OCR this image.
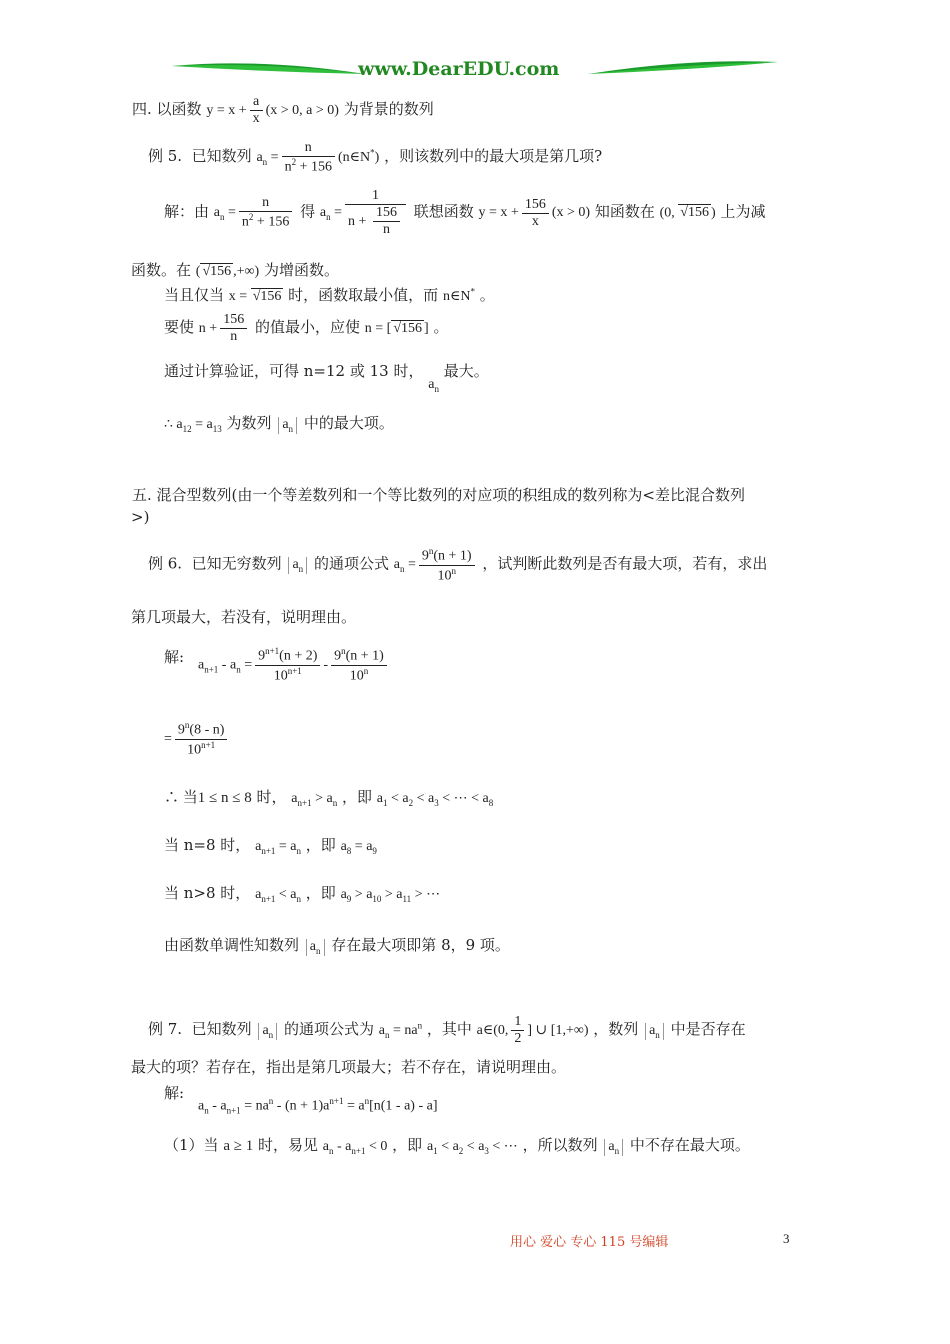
www.DearEDU.com
四. 以函数 $y = x + \frac{a}{x} (x > 0$, a > 0) 为背景的数列
例 5. 已知数列 $a_n = \frac{n}{n^2 + 156}$ (n∈N*) ，则该数列中的最大项是第几项?
解：由 $a_n = \frac{n}{n^2 + 156}$ 得 $a_n = \frac{1}{n + \frac{156}{n}}$ 联想函数 $y = x + \frac{156}{x} (x > 0)$ 知函数在 (0, √156 ) 上为减
函数。在 ( √156 ,+∞) 为增函数。
当且仅当 x = √156 时，函数取最小值，而 n∈N* 。
要使 $n + \frac{156}{n}$ 的值最小，应使 n = [ √156 ] 。
通过计算验证，可得 n=12 或 13 时， $a_n$ 最大。
∴ $a_{12} = a_{13}$ 为数列 $a_n$ 中的最大项。
五. 混合型数列(由一个等差数列和一个等比数列的对应项的积组成的数列称为<差比混合数列
>)
例 6. 已知无穷数列 $a_n$ 的通项公式 $a_n = \frac{9^n(n + 1)}{10^n}$ ，试判断此数列是否有最大项，若有，求出
第几项最大，若没有，说明理由。
解: $a_{n+1} - a_n = \frac{9^{n+1}(n + 2)}{10^{n+1}} - \frac{9^n(n + 1)}{10^n}$
= $\frac{9^n(8 - n)}{10^{n+1}}$
∴ 当1 ≤ n ≤ 8 时， $a_{n+1} > a_n$ ，即 $a_1 < a_2 < a_3$ < ⋯ < $a_8$
当 n=8 时， $a_{n+1} = a_n$ ，即 $a_8 = a_9$
当 n>8 时， $a_{n+1} < a_n$ ，即 $a_9 > a_{10} > a_{11}$ > ⋯
由函数单调性知数列 $a_n$ 存在最大项即第 8，9 项。
例 7. 已知数列 $a_n$ 的通项公式为 $a_n = na^n$ ，其中 a∈(0, $\frac{1}{2}$ ] ∪ [1,+∞) ，数列 $a_n$ 中是否存在
最大的项？若存在，指出是第几项最大；若不存在，请说明理由。
解:
$a_n - a_{n+1} = na^n - (n + 1)a^{n+1} = a^n[n(1 - a) - a]$
（1）当 a ≥ 1 时，易见 $a_n - a_{n+1} < 0$ ，即 $a_1 < a_2 < a_3$ < ⋯ ，所以数列 $a_n$ 中不存在最大项。
用心 爱心 专心 115 号编辑	3
